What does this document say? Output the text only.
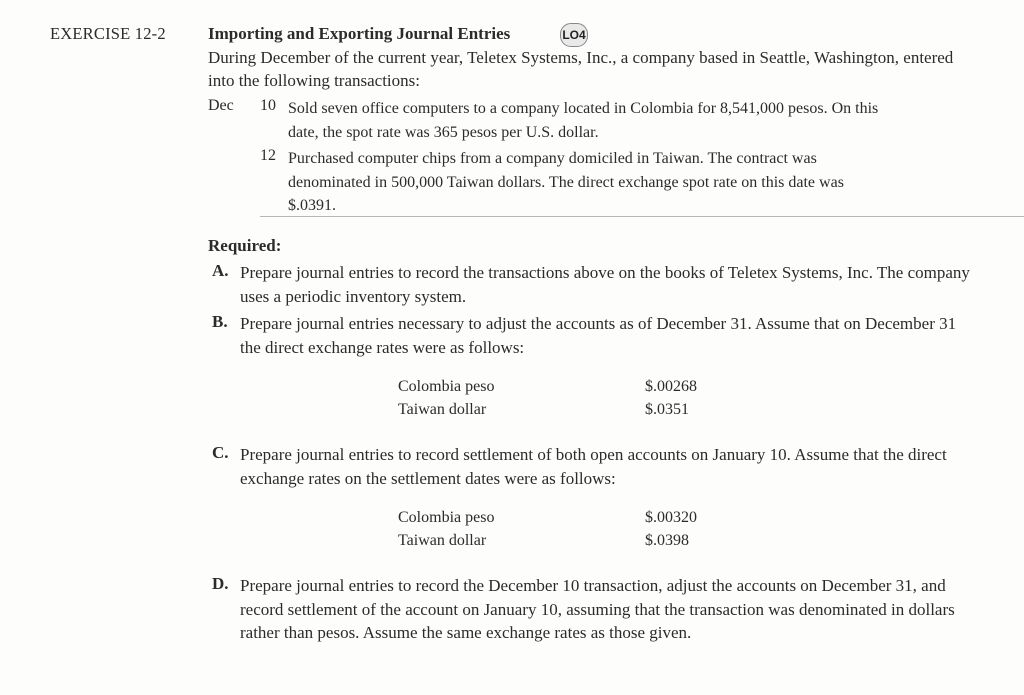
EXERCISE 12-2 Importing and Exporting Journal Entries	LO4

During December of the current year, Teletex Systems, Inc., a company based in Seattle, Washington, entered into the following transactions:

Dec	10 Sold seven office computers to a company located in Colombia for 8,541,000 pesos. On this date, the spot rate was 365 pesos per U.S. dollar.
12 Purchased computer chips from a company domiciled in Taiwan. The contract was denominated in 500,000 Taiwan dollars. The direct exchange spot rate on this date was $.0391.
Required:
A. Prepare journal entries to record the transactions above on the books of Teletex Systems, Inc. The company uses a periodic inventory system.
B. Prepare journal entries necessary to adjust the accounts as of December 31. Assume that on December 31 the direct exchange rates were as follows:
Colombia peso	$.00268
Taiwan dollar	$.0351
C. Prepare journal entries to record settlement of both open accounts on January 10. Assume that the direct exchange rates on the settlement dates were as follows:
Colombia peso	$.00320
Taiwan dollar	$.0398
D. Prepare journal entries to record the December 10 transaction, adjust the accounts on December 31, and record settlement of the account on January 10, assuming that the transaction was denominated in dollars rather than pesos. Assume the same exchange rates as those given.
